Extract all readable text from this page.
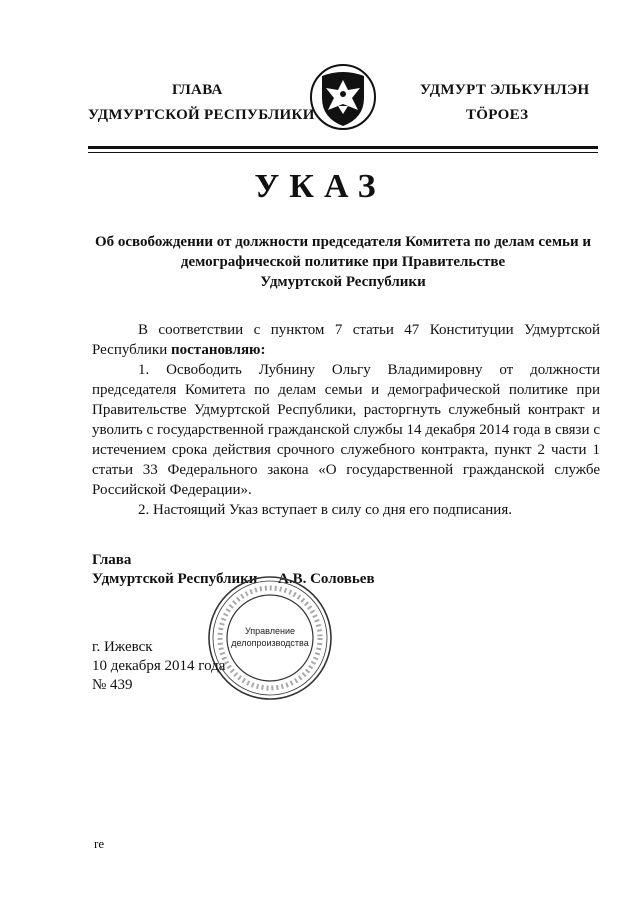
ГЛАВА
УДМУРТСКОЙ РЕСПУБЛИКИ
УДМУРТ ЭЛЬКУНЛЭН
ТӦРОЕЗ
УКАЗ
Об освобождении от должности председателя Комитета по делам семьи и
демографической политике при Правительстве
Удмуртской Республики

В соответствии с пунктом 7 статьи 47 Конституции Удмуртской Республики постановляю:

1. Освободить Лубнину Ольгу Владимировну от должности председателя Комитета по делам семьи и демографической политике при Правительстве Удмуртской Республики, расторгнуть служебный контракт и уволить с государственной гражданской службы 14 декабря 2014 года в связи с истечением срока действия срочного служебного контракта, пункт 2 части 1 статьи 33 Федерального закона «О государственной гражданской службе Российской Федерации».

2. Настоящий Указ вступает в силу со дня его подписания.

Глава
Удмуртской Республики А.В. Соловьев
Управление
делопроизводства
г. Ижевск
10 декабря 2014 года
№ 439
re
